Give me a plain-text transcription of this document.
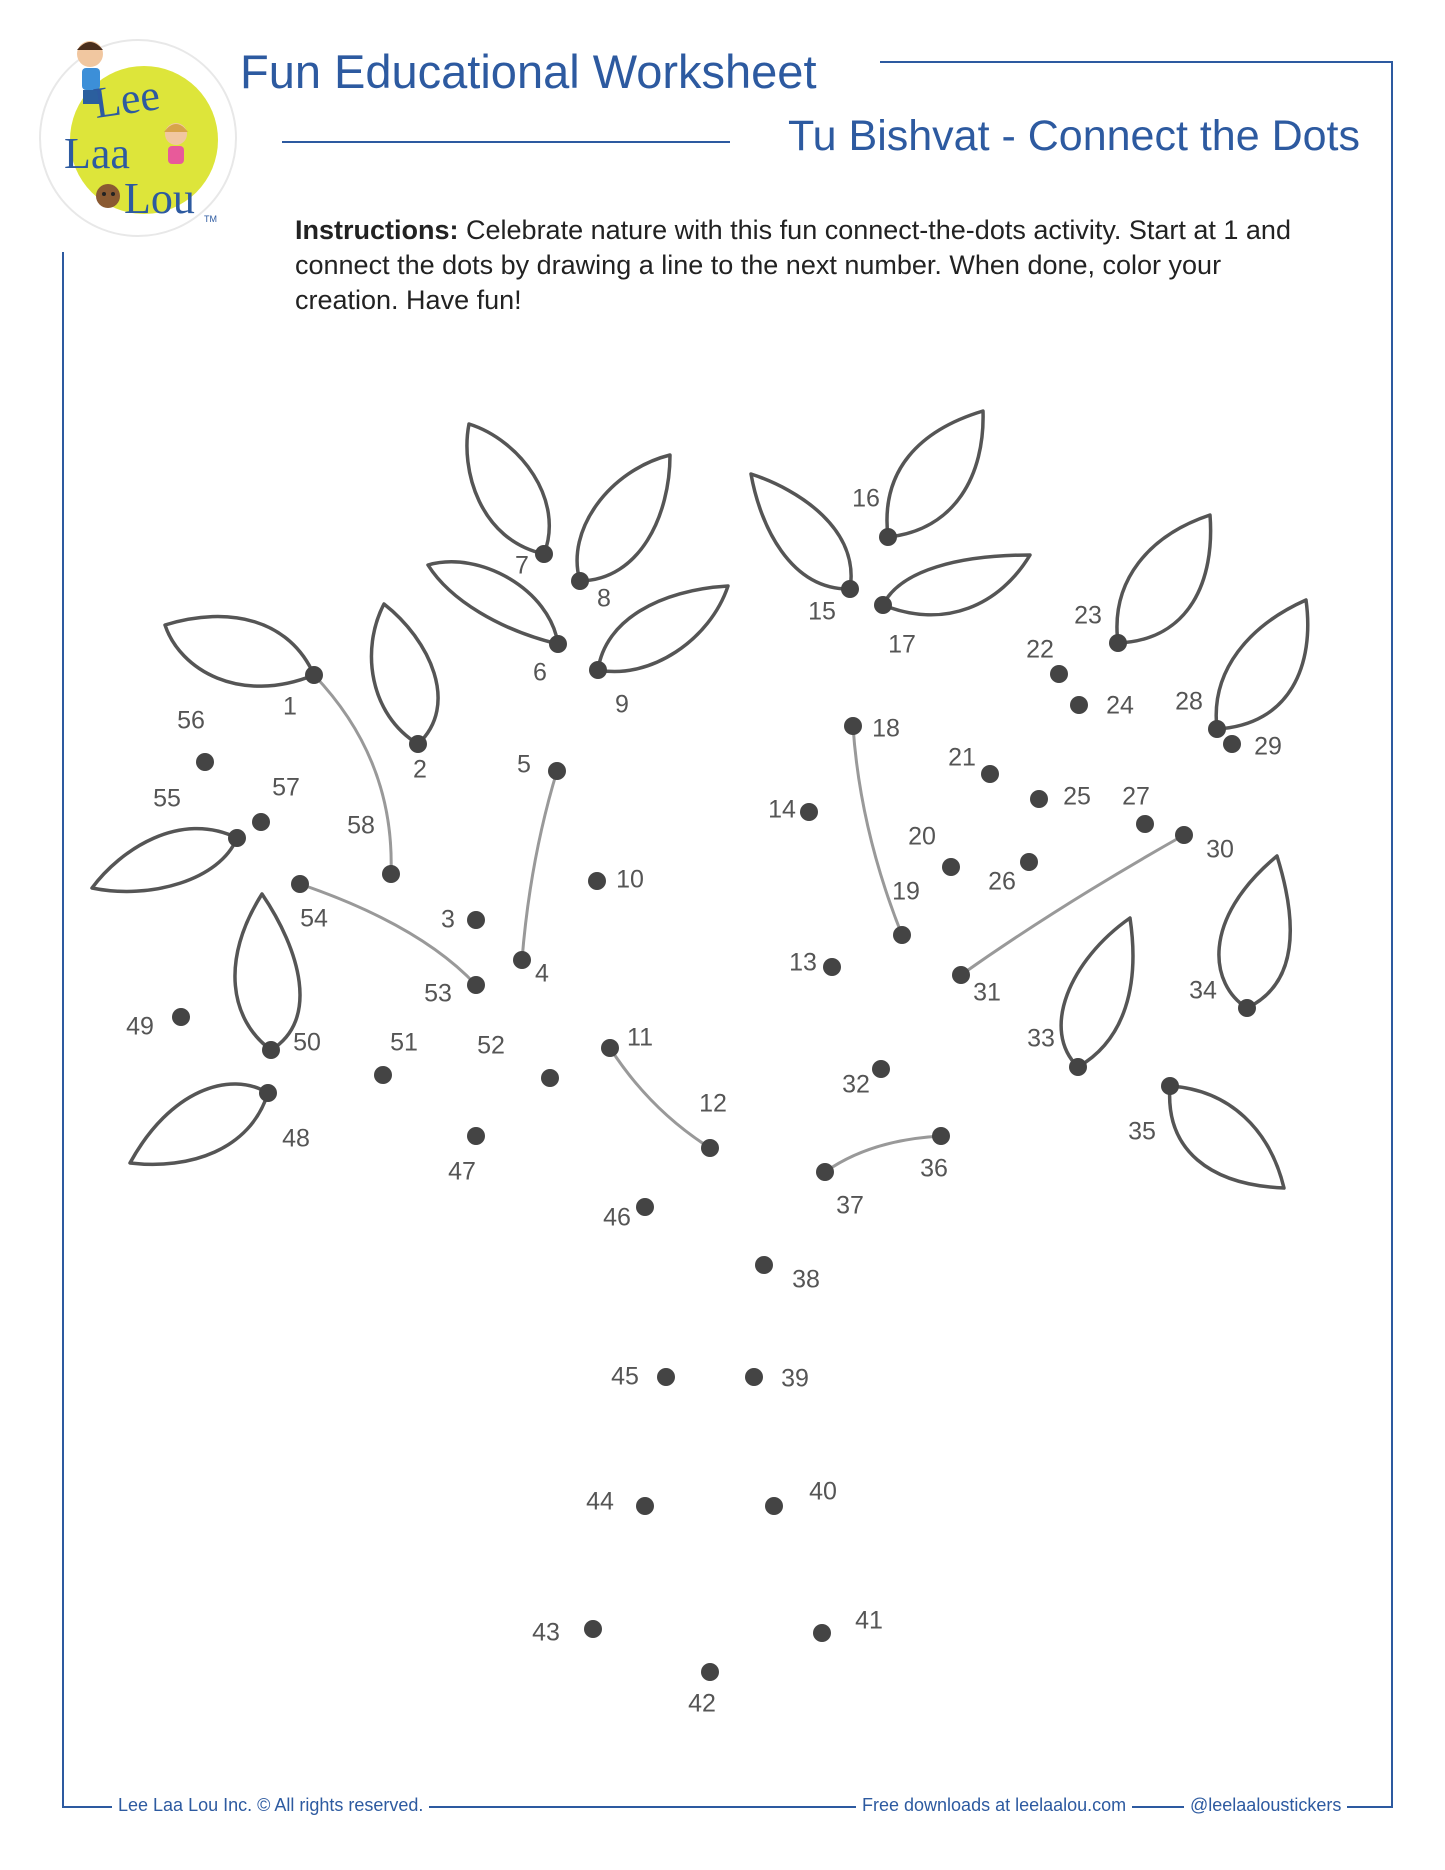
Lee
Laa
Lou TM
Fun Educational Worksheet
Tu Bishvat - Connect the Dots
Instructions: Celebrate nature with this fun connect-the-dots activity. Start at 1 and connect the dots by drawing a line to the next number. When done, color your creation. Have fun!
1
2
3
4
5
6
7
8
9
10
11
12
13
14
15
16
17
18
19
20
21
22
23
24
25
26
27
28
29
30
31
32
33
34
35
36
37
38
39
40
41
42
43
44
45
46
47
48
49
50	51 52
53
54
55
56
57
58
Lee Laa Lou Inc. © All rights reserved.	Free downloads at leelaalou.com	@leelaaloustickers
